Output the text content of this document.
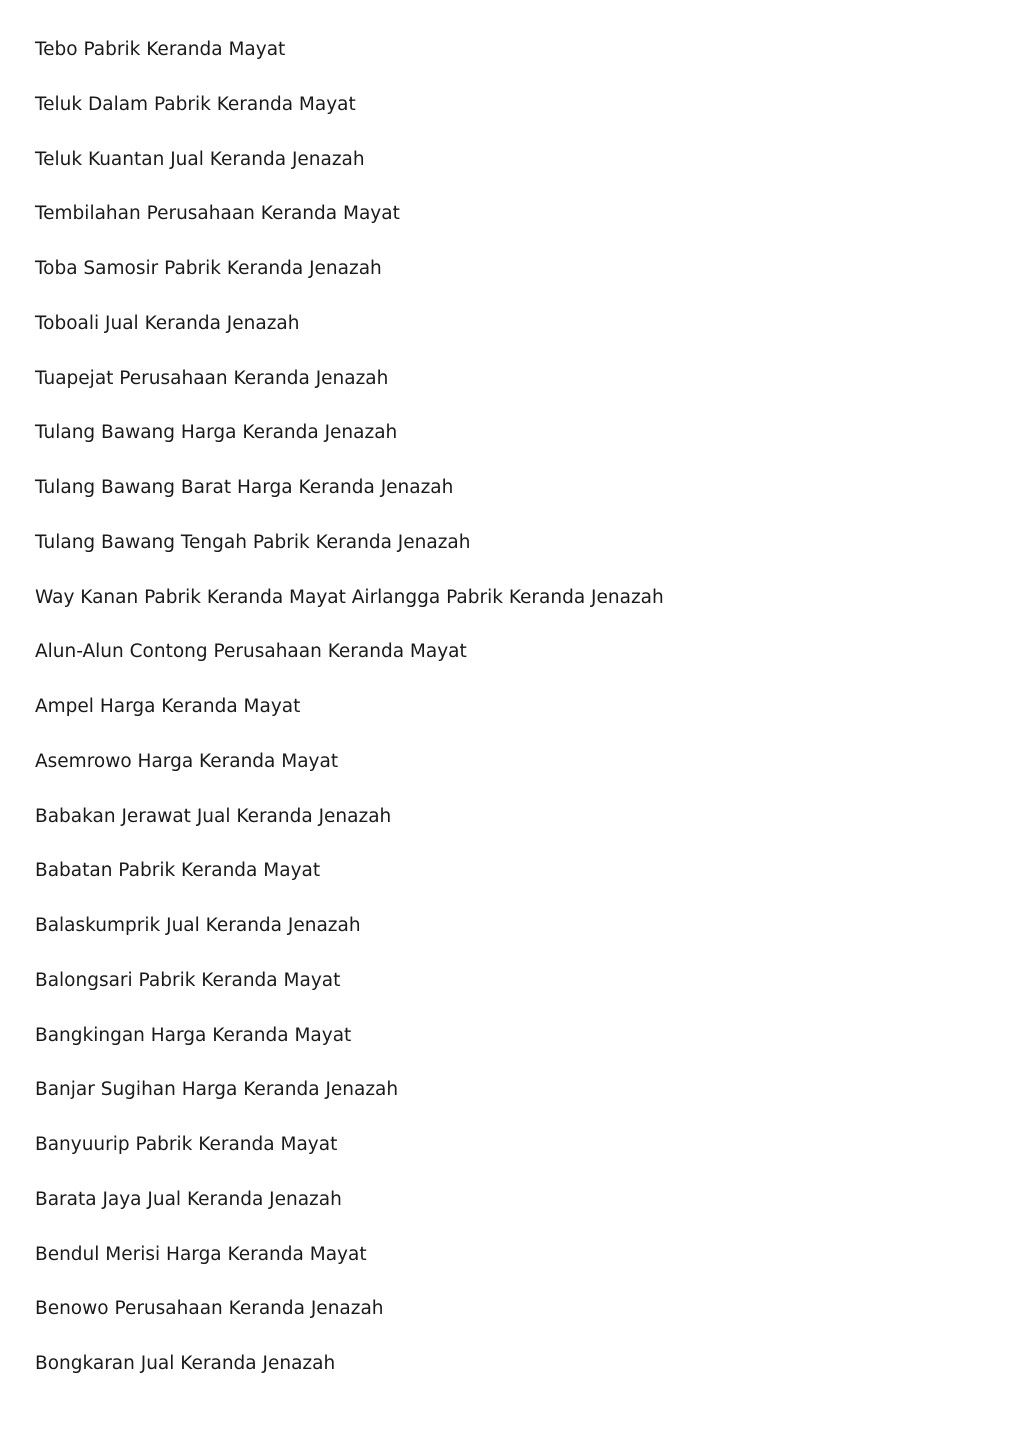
Tebo Pabrik Keranda Mayat
Teluk Dalam Pabrik Keranda Mayat
Teluk Kuantan Jual Keranda Jenazah
Tembilahan Perusahaan Keranda Mayat
Toba Samosir Pabrik Keranda Jenazah
Toboali Jual Keranda Jenazah
Tuapejat Perusahaan Keranda Jenazah
Tulang Bawang Harga Keranda Jenazah
Tulang Bawang Barat Harga Keranda Jenazah
Tulang Bawang Tengah Pabrik Keranda Jenazah
Way Kanan Pabrik Keranda Mayat Airlangga Pabrik Keranda Jenazah
Alun-Alun Contong Perusahaan Keranda Mayat
Ampel Harga Keranda Mayat
Asemrowo Harga Keranda Mayat
Babakan Jerawat Jual Keranda Jenazah
Babatan Pabrik Keranda Mayat
Balaskumprik Jual Keranda Jenazah
Balongsari Pabrik Keranda Mayat
Bangkingan Harga Keranda Mayat
Banjar Sugihan Harga Keranda Jenazah
Banyuurip Pabrik Keranda Mayat
Barata Jaya Jual Keranda Jenazah
Bendul Merisi Harga Keranda Mayat
Benowo Perusahaan Keranda Jenazah
Bongkaran Jual Keranda Jenazah
